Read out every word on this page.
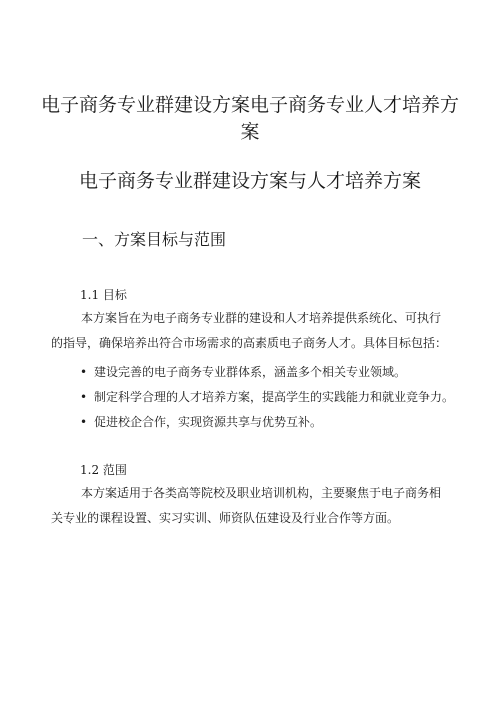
电子商务专业群建设方案电子商务专业人才培养方案
电子商务专业群建设方案与人才培养方案
一、方案目标与范围
1.1 目标

本方案旨在为电子商务专业群的建设和人才培养提供系统化、可执行的指导，确保培养出符合市场需求的高素质电子商务人才。具体目标包括：

• 建设完善的电子商务专业群体系，涵盖多个相关专业领域。
• 制定科学合理的人才培养方案，提高学生的实践能力和就业竞争力。
• 促进校企合作，实现资源共享与优势互补。
1.2 范围

本方案适用于各类高等院校及职业培训机构，主要聚焦于电子商务相关专业的课程设置、实习实训、师资队伍建设及行业合作等方面。
